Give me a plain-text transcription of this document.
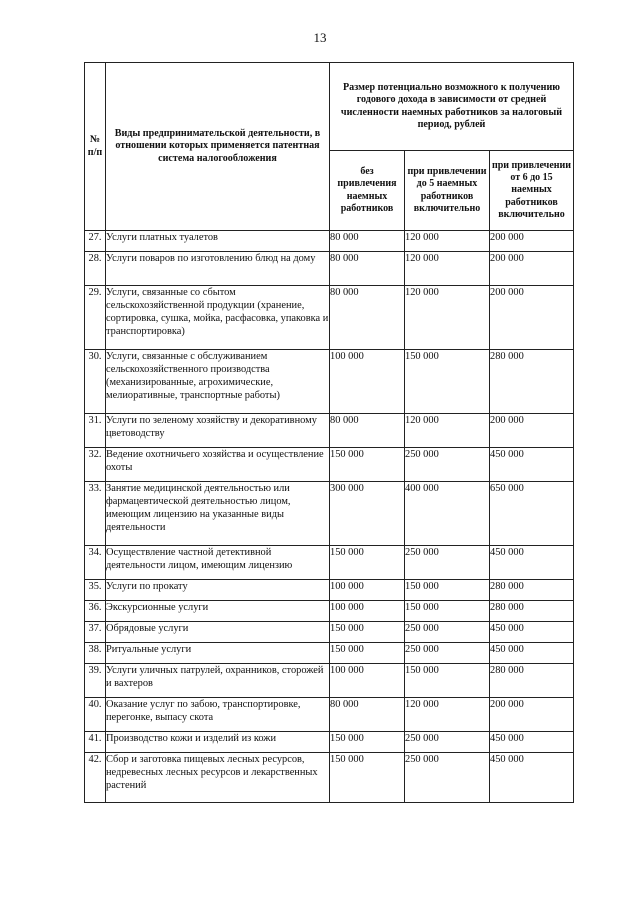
13
№ п/п	Виды предпринимательской деятельности, в отношении которых применяется патентная система налогообложения	Размер потенциально возможного к получению годового дохода в зависимости от средней численности наемных работников за налоговый период, рублей		
		без привлечения наемных работников	при привлечении до 5 наемных работников включительно	при привлечении от 6 до 15 наемных работников включительно
27.	Услуги платных туалетов	80 000	120 000	200 000
28.	Услуги поваров по изготовлению блюд на дому	80 000	120 000	200 000
29.	Услуги, связанные со сбытом сельскохозяйственной продукции (хранение, сортировка, сушка, мойка, расфасовка, упаковка и транспортировка)	80 000	120 000	200 000
30.	Услуги, связанные с обслуживанием сельскохозяйственного производства (механизированные, агрохимические, мелиоративные, транспортные работы)	100 000	150 000	280 000
31.	Услуги по зеленому хозяйству и декоративному цветоводству	80 000	120 000	200 000
32.	Ведение охотничьего хозяйства и осуществление охоты	150 000	250 000	450 000
33.	Занятие медицинской деятельностью или фармацевтической деятельностью лицом, имеющим лицензию на указанные виды деятельности	300 000	400 000	650 000
34.	Осуществление частной детективной деятельности лицом, имеющим лицензию	150 000	250 000	450 000
35.	Услуги по прокату	100 000	150 000	280 000
36.	Экскурсионные услуги	100 000	150 000	280 000
37.	Обрядовые услуги	150 000	250 000	450 000
38.	Ритуальные услуги	150 000	250 000	450 000
39.	Услуги уличных патрулей, охранников, сторожей и вахтеров	100 000	150 000	280 000
40.	Оказание услуг по забою, транспортировке, перегонке, выпасу скота	80 000	120 000	200 000
41.	Производство кожи и изделий из кожи	150 000	250 000	450 000
42.	Сбор и заготовка пищевых лесных ресурсов, недревесных лесных ресурсов и лекарственных растений	150 000	250 000	450 000
